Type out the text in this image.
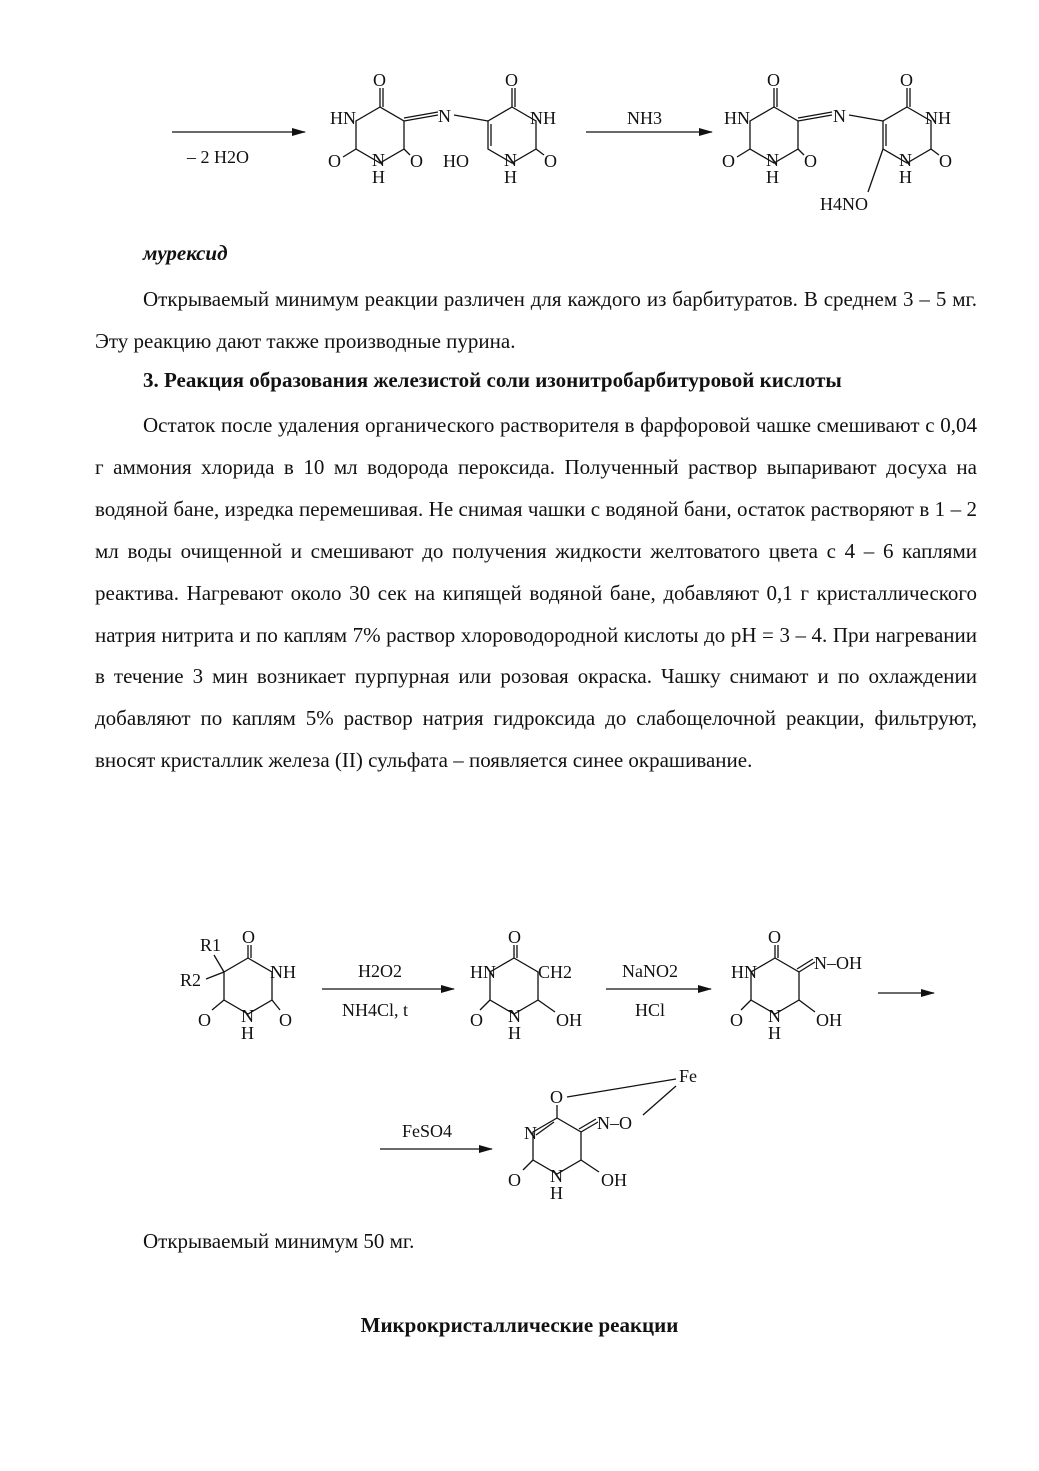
– 2 H2O
O
HN
N
H
O	O
N
O
NH
N
H
O
HO
NH3
O
HN
N
H
O	O
N
O
NH
N
H
O
H4NO
O
R1
R2	NH
N
H
O	O
H2O2
NH4Cl, t
O
HN CH2
N
H
O	OH
NaNO2
HCl
O
HN	N–OH
N
H
O	OH
FeSO4
O
Fe
N–O
N
N
H
O	OH
мурексид

Открываемый минимум реакции различен для каждого из барбитуратов. В среднем 3 – 5 мг. Эту реакцию дают также производные пурина.

3. Реакция образования железистой соли изонитробарбитуровой кислоты

Остаток после удаления органического растворителя в фарфоровой чашке смешивают с 0,04 г аммония хлорида в 10 мл водорода пероксида. Полученный раствор выпаривают досуха на водяной бане, изредка перемешивая. Не снимая чашки с водяной бани, остаток растворяют в 1 – 2 мл воды очищенной и смешивают до получения жидкости желтоватого цвета с 4 – 6 каплями реактива. Нагревают около 30 сек на кипящей водяной бане, добавляют 0,1 г кристаллического натрия нитрита и по каплям 7% раствор хлороводородной кислоты до pH = 3 – 4. При нагревании в течение 3 мин возникает пурпурная или розовая окраска. Чашку снимают и по охлаждении добавляют по каплям 5% раствор натрия гидроксида до слабощелочной реакции, фильтруют, вносят кристаллик железа (II) сульфата – появляется синее окрашивание.

Открываемый минимум 50 мг.
Микрокристаллические реакции
